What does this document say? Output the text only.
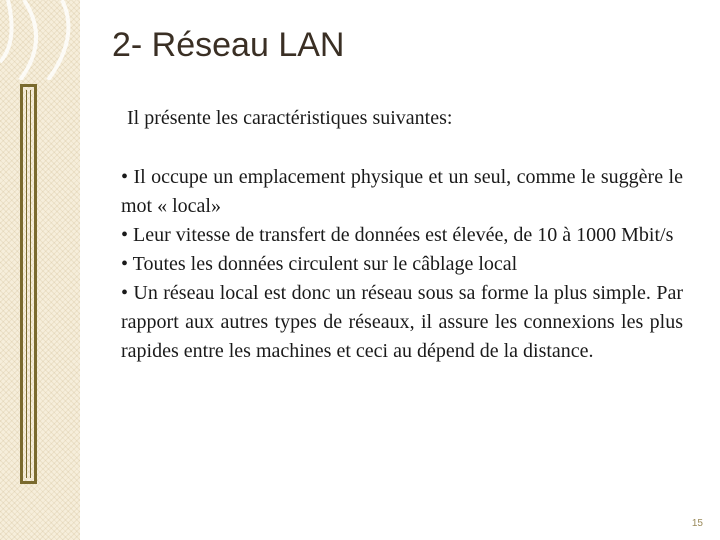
2- Réseau LAN

Il présente les caractéristiques suivantes:

• Il occupe un emplacement physique et un seul, comme le suggère le mot « local»

• Leur vitesse de transfert de données est élevée, de 10 à 1000 Mbit/s

• Toutes les données circulent sur le câblage local

• Un réseau local est donc un réseau sous sa forme la plus simple. Par rapport aux autres types de réseaux, il assure les connexions les plus rapides entre les machines et ceci au dépend de la distance.

15
